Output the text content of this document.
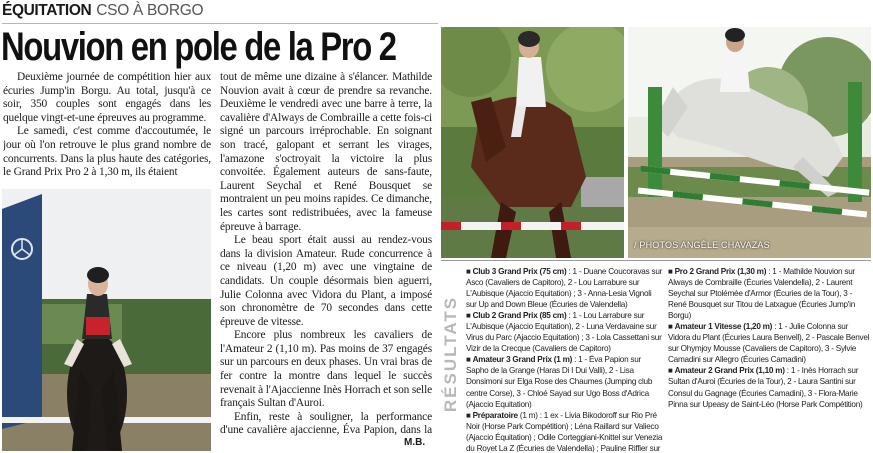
ÉQUITATION CSO À BORGO
Nouvion en pole de la Pro 2

Deuxième journée de compétition hier aux écuries Jump'in Borgu. Au total, jusqu'à ce soir, 350 couples sont engagés dans les quelque vingt-et-une épreuves au programme.

Le samedi, c'est comme d'accoutumée, le jour où l'on retrouve le plus grand nombre de concurrents. Dans la plus haute des catégories, le Grand Prix Pro 2 à 1,30 m, ils étaient

tout de même une dizaine à s'élancer. Mathilde Nouvion avait à cœur de prendre sa revanche. Deuxième le vendredi avec une barre à terre, la cavalière d'Always de Combraille a cette fois-ci signé un parcours irréprochable. En soignant son tracé, galopant et serrant les virages, l'amazone s'octroyait la victoire la plus convoitée. Également auteurs de sans-faute, Laurent Seychal et René Bousquet se montraient un peu moins rapides. Ce dimanche, les cartes sont redistribuées, avec la fameuse épreuve à barrage.

Le beau sport était aussi au rendez-vous dans la division Amateur. Rude concurrence à ce niveau (1,20 m) avec une vingtaine de candidats. Un couple désormais bien aguerri, Julie Colonna avec Vidora du Plant, a imposé son chronomètre de 70 secondes dans cette épreuve de vitesse.

Encore plus nombreux les cavaliers de l'Amateur 2 (1,10 m). Pas moins de 37 engagés sur un parcours en deux phases. Un vrai bras de fer contre la montre dans lequel le succès revenait à l'Ajaccienne Inès Horrach et son selle français Sultan d'Auroi.

Enfin, reste à souligner, la performance d'une cavalière ajaccienne, Éva Papion, dans la

M.B.
/ PHOTOS ANGÈLE CHAVAZAS
RÉSULTATS
■ Club 3 Grand Prix (75 cm) : 1 - Duane Coucoravas sur Asco (Cavaliers de Capitoro), 2 - Lou Larrabure sur L'Aubisque (Ajaccio Equitation) ; 3 - Anna-Lesia Vignoli sur Up and Down Bleue (Écuries de Valendella)
■ Club 2 Grand Prix (85 cm) : 1 - Lou Larrabure sur L'Aubisque (Ajaccio Equitation), 2 - Luna Verdavaine sur Virus du Parc (Ajaccio Equitation) ; 3 - Lola Cassettani sur Vizir de la Crecque (Cavaliers de Capitoro)
■ Amateur 3 Grand Prix (1 m) : 1 - Éva Papion sur Sapho de la Grange (Haras Di I Dui Valli), 2 - Lisa Donsimoni sur Elga Rose des Chaumes (Jumping club centre Corse), 3 - Chloé Sayad sur Ugo Boss d'Adrica (Ajaccio Equitation)
■ Préparatoire (1 m) : 1 ex - Livia Bikodoroff sur Rio Pré Noir (Horse Park Compétition) ; Léna Raillard sur Valieco (Ajaccio Équitation) ; Odile Corteggiani-Knittel sur Venezia du Royet La Z (Écuries de Valendella) ; Pauline Riffier sur
■ Pro 2 Grand Prix (1,30 m) : 1 - Mathilde Nouvion sur Always de Combraille (Écuries Valendella), 2 - Laurent Seychal sur Ptolémée d'Armor (Écuries de la Tour), 3 - René Bousquet sur Titou de Latxague (Écuries Jump'in Borgu)
■ Amateur 1 Vitesse (1,20 m) : 1 - Julie Colonna sur Vidora du Plant (Écuries Laura Benvell), 2 - Pascale Benvel sur Ohymjoy Mousse (Cavaliers de Capitoro), 3 - Sylvie Camadini sur Allegro (Écuries Camadini)
■ Amateur 2 Grand Prix (1,10 m) : 1 - Inès Horrach sur Sultan d'Auroi (Écuries de la Tour), 2 - Laura Santini sur Consul du Gagnage (Écuries Camadini), 3 - Flora-Marie Pinna sur Upeasy de Saint-Léo (Horse Park Compétition)
